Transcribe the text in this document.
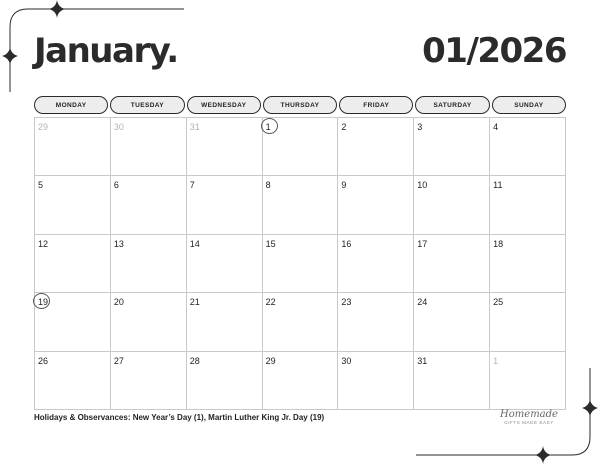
January.	01/2026
MONDAY	TUESDAY	WEDNESDAY	THURSDAY	FRIDAY	SATURDAY	SUNDAY
29	30	31	1	2	3	4
5	6	7	8	9	10	11
12	13	14	15	16	17	18
19	20	21	22	23	24	25
26	27	28	29	30	31	1
Holidays & Observances: New Year’s Day (1), Martin Luther King Jr. Day (19)	Homemade
GIFTS MADE EASY
